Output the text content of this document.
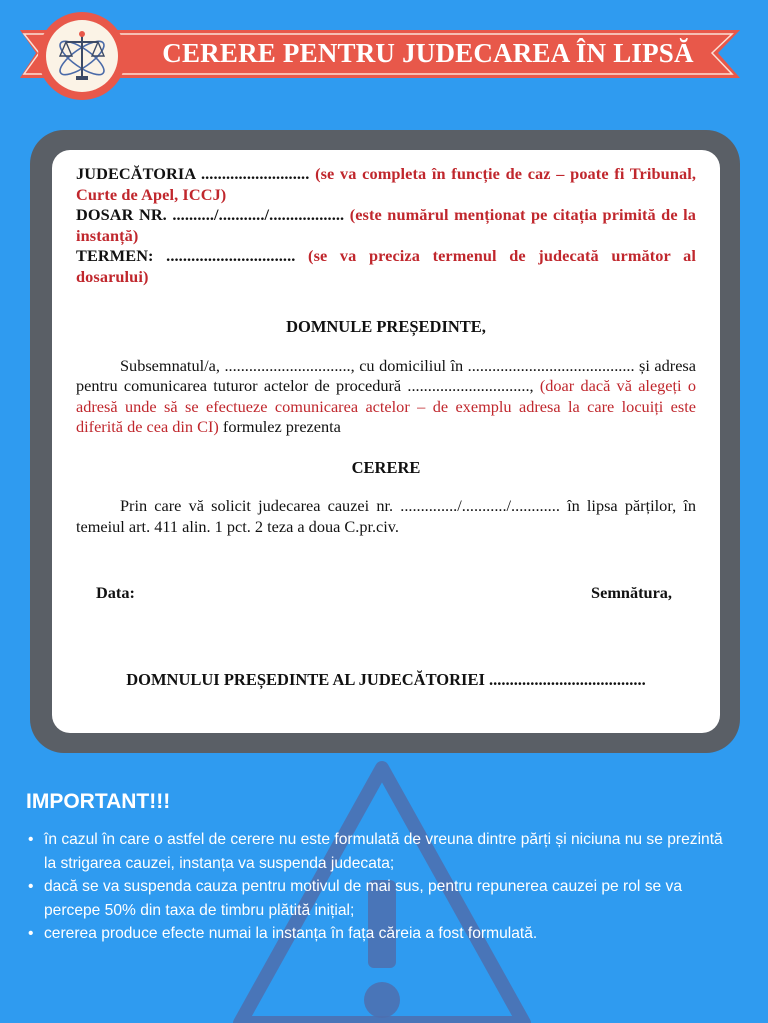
CERERE PENTRU JUDECAREA ÎN LIPSĂ
JUDECĂTORIA .......................... (se va completa în funcție de caz – poate fi Tribunal, Curte de Apel, ICCJ)
DOSAR NR. ........../.........../.................. (este numărul menționat pe citația primită de la instanță)
TERMEN: ............................... (se va preciza termenul de judecată următor al dosarului)
DOMNULE PREȘEDINTE,
Subsemnatul/a, ..............................., cu domiciliul în ......................................... și adresa pentru comunicarea tuturor actelor de procedură .............................., (doar dacă vă alegeți o adresă unde să se efectueze comunicarea actelor – de exemplu adresa la care locuiți este diferită de cea din CI) formulez prezenta
CERERE
Prin care vă solicit judecarea cauzei nr. ............../.........../............ în lipsa părților, în temeiul art. 411 alin. 1 pct. 2 teza a doua C.pr.civ.
Data:	Semnătura,
DOMNULUI PREȘEDINTE AL JUDECĂTORIEI ......................................
IMPORTANT!!!
• în cazul în care o astfel de cerere nu este formulată de vreuna dintre părți și niciuna nu se prezintă la strigarea cauzei, instanța va suspenda judecata;
• dacă se va suspenda cauza pentru motivul de mai sus, pentru repunerea cauzei pe rol se va percepe 50% din taxa de timbru plătită inițial;
• cererea produce efecte numai la instanța în fața căreia a fost formulată.
